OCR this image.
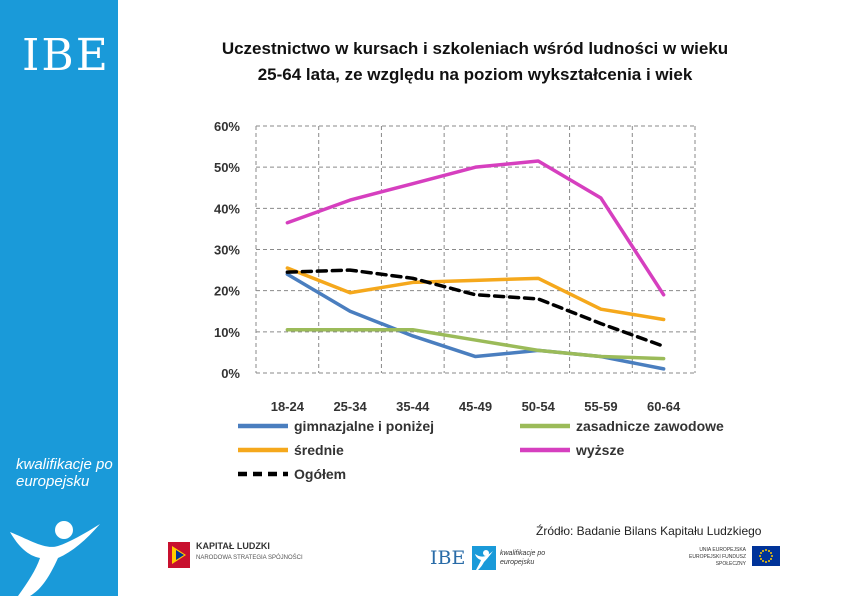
IBE
kwalifikacje po europejsku
Uczestnictwo w kursach i szkoleniach wśród ludności w wieku
25-64 lata, ze względu na poziom wykształcenia i wiek
0%
10%
20%
30%
40%
50%
60%
18-24 25-34 35-44 45-49 50-54 55-59 60-64
gimnazjalne i poniżej	zasadnicze zawodowe
średnie	wyższe
Ogółem
Źródło: Badanie Bilans Kapitału Ludzkiego
KAPITAŁ LUDZKI
NARODOWA STRATEGIA SPÓJNOŚCI	IBE	kwalifikacje po europejsku
UNIA EUROPEJSKA EUROPEJSKI FUNDUSZ SPOŁECZNY
